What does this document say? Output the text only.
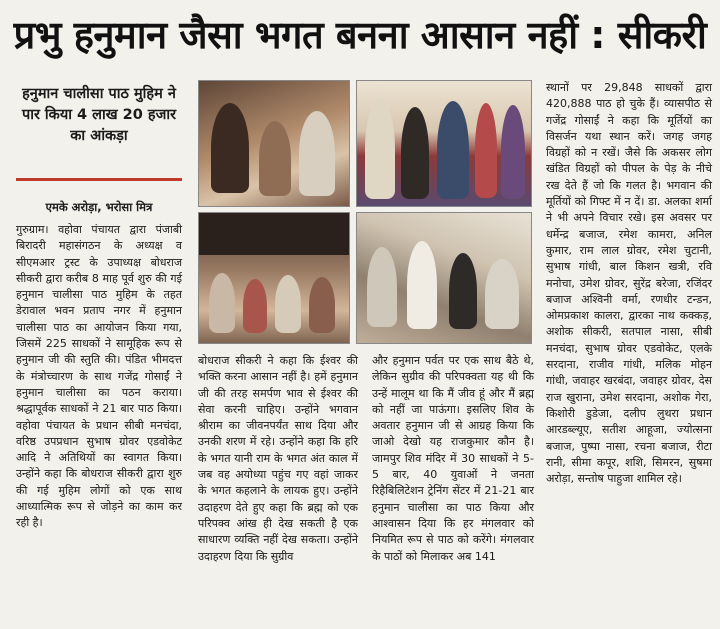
प्रभु हनुमान जैसा भगत बनना आसान नहीं : सीकरी
हनुमान चालीसा पाठ मुहिम ने पार किया 4 लाख 20 हजार का आंकड़ा
एमके अरोड़ा, भरोसा मित्र

गुरुग्राम। वहोवा पंचायत द्वारा पंजाबी बिरादरी महासंगठन के अध्यक्ष व सीएमआर ट्रस्ट के उपाध्यक्ष बोधराज सीकरी द्वारा करीब 8 माह पूर्व शुरु की गई हनुमान चालीसा पाठ मुहिम के तहत डेरावाल भवन प्रताप नगर में हनुमान चालीसा पाठ का आयोजन किया गया, जिसमें 225 साधकों ने सामूहिक रूप से हनुमान जी की स्तुति की। पंडित भीमदत्त के मंत्रोच्चारण के साथ गजेंद्र गोसाईं ने हनुमान चालीसा का पठन कराया। श्रद्धापूर्वक साधकों ने 21 बार पाठ किया। वहोवा पंचायत के प्रधान सीबी मनचंदा, वरिष्ठ उपप्रधान सुभाष ग्रोवर एडवोकेट आदि ने अतिथियों का स्वागत किया। उन्होंने कहा कि बोधराज सीकरी द्वारा शुरु की गई मुहिम लोगों को एक साथ आध्यात्मिक रूप से जोड़ने का काम कर रही है।

बोधराज सीकरी ने कहा कि ईश्वर की भक्ति करना आसान नहीं है। हमें हनुमान जी की तरह समर्पण भाव से ईश्वर की सेवा करनी चाहिए। उन्होंने भगवान श्रीराम का जीवनपर्यंत साथ दिया और उनकी शरण में रहे। उन्होंने कहा कि हरि के भगत यानी राम के भगत अंत काल में जब वह अयोध्या पहुंच गए वहां जाकर के भगत कहलाने के लायक हुए। उन्होंने उदाहरण देते हुए कहा कि ब्रह्म को एक परिपक्व आंख ही देख सकती है एक साधारण व्यक्ति नहीं देख सकता। उन्होंने उदाहरण दिया कि सुग्रीव

और हनुमान पर्वत पर एक साथ बैठे थे, लेकिन सुग्रीव की परिपक्वता यह थी कि उन्हें मालूम था कि मैं जीव हूं और मैं ब्रह्म को नहीं जा पाऊंगा। इसलिए शिव के अवतार हनुमान जी से आग्रह किया कि जाओ देखो यह राजकुमार कौन है। जामपुर शिव मंदिर में 30 साधकों ने 5-5 बार, 40 युवाओं ने जनता रिहैबिलिटेशन ट्रेनिंग सेंटर में 21-21 बार हनुमान चालीसा का पाठ किया और आश्वासन दिया कि हर मंगलवार को नियमित रूप से पाठ को करेंगे। मंगलवार के पाठों को मिलाकर अब 141

स्थानों पर 29,848 साधकों द्वारा 420,888 पाठ हो चुके हैं। व्यासपीठ से गजेंद्र गोसाईं ने कहा कि मूर्तियों का विसर्जन यथा स्थान करें। जगह जगह विग्रहों को न रखें। जैसे कि अकसर लोग खंडित विग्रहों को पीपल के पेड़ के नीचे रख देते हैं जो कि गलत है। भगवान की मूर्तियों को गिफ्ट में न दें। डा. अलका शर्मा ने भी अपने विचार रखे। इस अवसर पर धर्मेन्द्र बजाज, रमेश कामरा, अनिल कुमार, राम लाल ग्रोवर, रमेश चुटानी, सुभाष गांधी, बाल किशन खत्री, रवि मनोचा, उमेश ग्रोवर, सुरेंद्र बरेजा, रजिंदर बजाज अश्विनी वर्मा, रणधीर टन्डन, ओमप्रकाश कालरा, द्वारका नाथ कक्कड़, अशोक सीकरी, सतपाल नासा, सीबी मनचंदा, सुभाष ग्रोवर एडवोकेट, एलके सरदाना, राजीव गांधी, मलिक मोहन गांधी, जवाहर खरबंदा, जवाहर ग्रोवर, देस राज खुराना, उमेश सरदाना, अशोक गेरा, किशोरी डुडेजा, दलीप लुथरा प्रधान आरडब्ल्यूए, सतीश आहूजा, ज्योत्सना बजाज, पुष्पा नासा, रचना बजाज, रीटा रानी, सीमा कपूर, शशि, सिमरन, सुषमा अरोड़ा, सन्तोष पाहुजा शामिल रहे।
